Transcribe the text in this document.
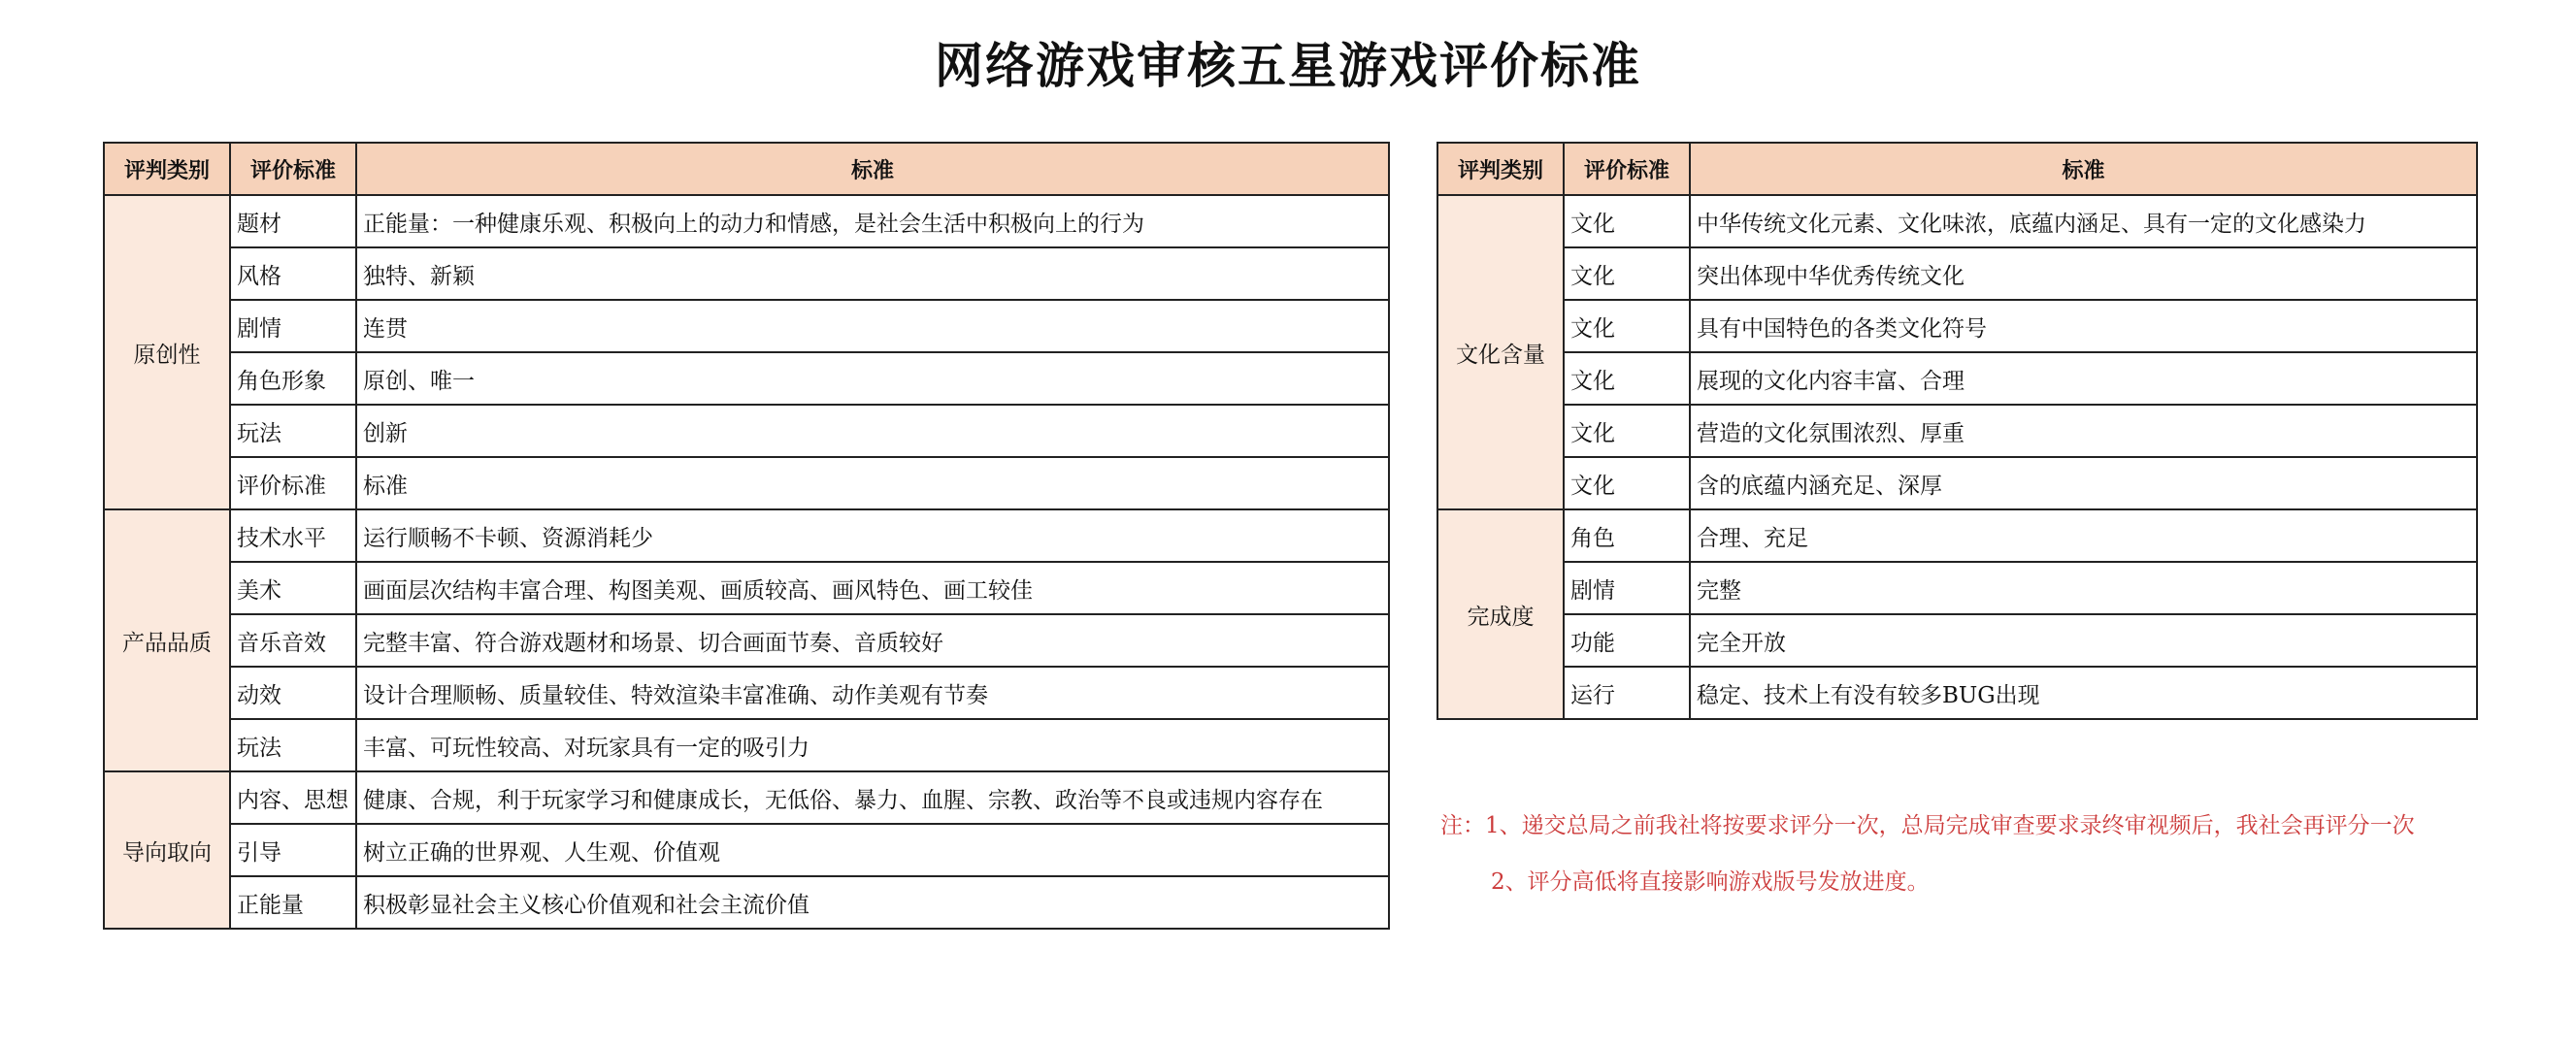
网络游戏审核五星游戏评价标准
评判类别	评价标准	标准
原创性	题材	正能量：一种健康乐观、积极向上的动力和情感，是社会生活中积极向上的行为
	风格	独特、新颖
	剧情	连贯
	角色形象	原创、唯一
	玩法	创新
	评价标准	标准
产品品质	技术水平	运行顺畅不卡顿、资源消耗少
	美术	画面层次结构丰富合理、构图美观、画质较高、画风特色、画工较佳
	音乐音效	完整丰富、符合游戏题材和场景、切合画面节奏、音质较好
	动效	设计合理顺畅、质量较佳、特效渲染丰富准确、动作美观有节奏
	玩法	丰富、可玩性较高、对玩家具有一定的吸引力
导向取向	内容、思想	健康、合规，利于玩家学习和健康成长，无低俗、暴力、血腥、宗教、政治等不良或违规内容存在
	引导	树立正确的世界观、人生观、价值观
	正能量	积极彰显社会主义核心价值观和社会主流价值
评判类别	评价标准	标准
文化含量	文化	中华传统文化元素、文化味浓，底蕴内涵足、具有一定的文化感染力
	文化	突出体现中华优秀传统文化
	文化	具有中国特色的各类文化符号
	文化	展现的文化内容丰富、合理
	文化	营造的文化氛围浓烈、厚重
	文化	含的底蕴内涵充足、深厚
完成度	角色	合理、充足
	剧情	完整
	功能	完全开放
	运行	稳定、技术上有没有较多BUG出现
注：1、递交总局之前我社将按要求评分一次，总局完成审查要求录终审视频后，我社会再评分一次
2、评分高低将直接影响游戏版号发放进度。
